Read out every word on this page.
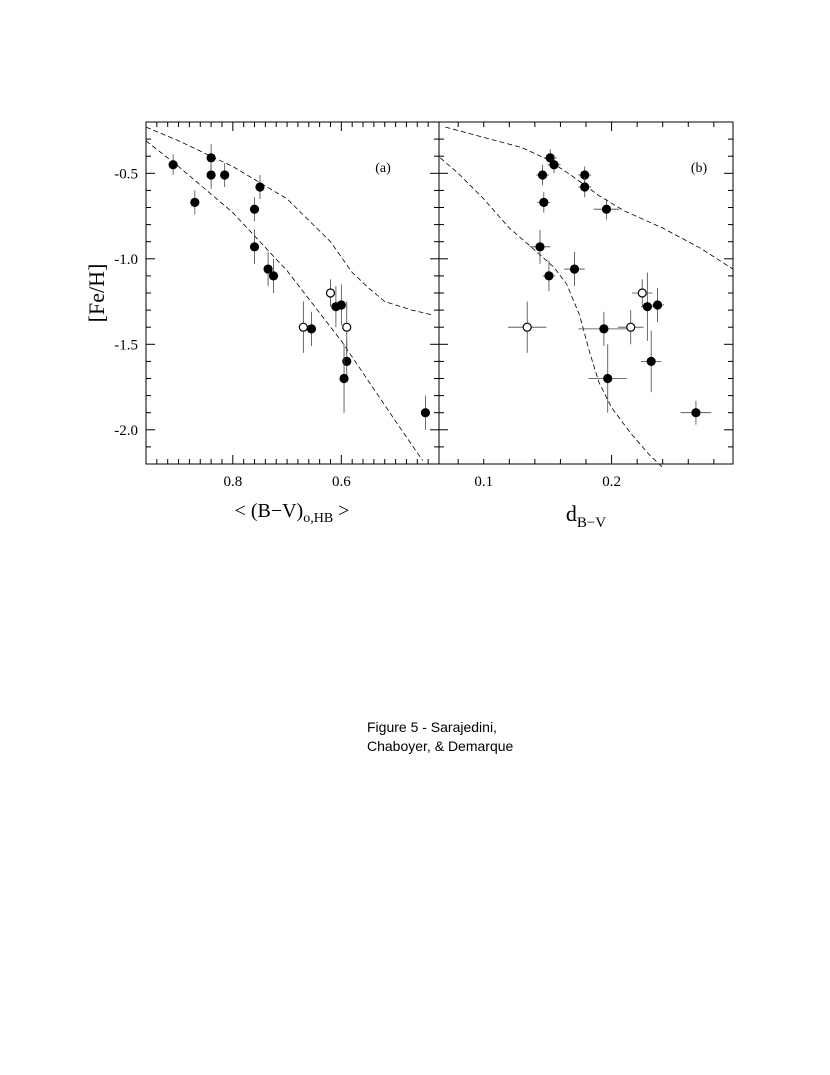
0.8	0.6
-0.5
-1.0
-1.5
-2.0
(a)
[Fe/H]
< $(B-V)_{o,HB}$ >
0.1	0.2
(b)
$d_{B-V}$
Figure 5 - Sarajedini,
Chaboyer, & Demarque
